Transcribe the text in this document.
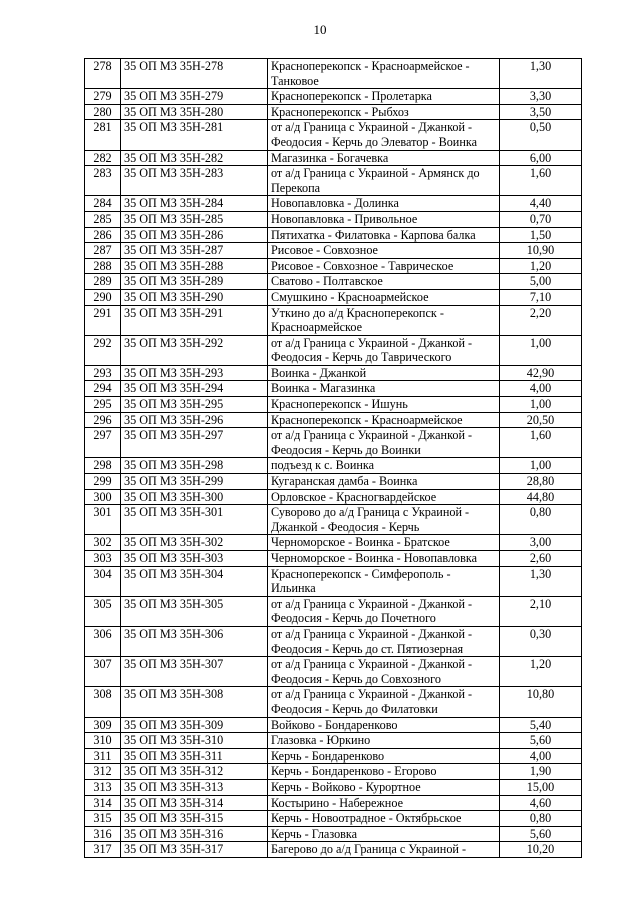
10
278	35 ОП МЗ 35Н-278	Красноперекопск - Красноармейское - Танковое	1,30
279	35 ОП МЗ 35Н-279	Красноперекопск - Пролетарка	3,30
280	35 ОП МЗ 35Н-280	Красноперекопск - Рыбхоз	3,50
281	35 ОП МЗ 35Н-281	от а/д Граница с Украиной - Джанкой - Феодосия - Керчь до Элеватор - Воинка	0,50
282	35 ОП МЗ 35Н-282	Магазинка - Богачевка	6,00
283	35 ОП МЗ 35Н-283	от а/д Граница с Украиной - Армянск до Перекопа	1,60
284	35 ОП МЗ 35Н-284	Новопавловка - Долинка	4,40
285	35 ОП МЗ 35Н-285	Новопавловка - Привольное	0,70
286	35 ОП МЗ 35Н-286	Пятихатка - Филатовка - Карпова балка	1,50
287	35 ОП МЗ 35Н-287	Рисовое - Совхозное	10,90
288	35 ОП МЗ 35Н-288	Рисовое - Совхозное - Таврическое	1,20
289	35 ОП МЗ 35Н-289	Сватово - Полтавское	5,00
290	35 ОП МЗ 35Н-290	Смушкино - Красноармейское	7,10
291	35 ОП МЗ 35Н-291	Уткино до а/д Красноперекопск - Красноармейское	2,20
292	35 ОП МЗ 35Н-292	от а/д Граница с Украиной - Джанкой - Феодосия - Керчь до Таврического	1,00
293	35 ОП МЗ 35Н-293	Воинка - Джанкой	42,90
294	35 ОП МЗ 35Н-294	Воинка - Магазинка	4,00
295	35 ОП МЗ 35Н-295	Красноперекопск - Ишунь	1,00
296	35 ОП МЗ 35Н-296	Красноперекопск - Красноармейское	20,50
297	35 ОП МЗ 35Н-297	от а/д Граница с Украиной - Джанкой - Феодосия - Керчь до Воинки	1,60
298	35 ОП МЗ 35Н-298	подъезд к с. Воинка	1,00
299	35 ОП МЗ 35Н-299	Кугаранская дамба - Воинка	28,80
300	35 ОП МЗ 35Н-300	Орловское - Красногвардейское	44,80
301	35 ОП МЗ 35Н-301	Суворово до а/д Граница с Украиной - Джанкой - Феодосия - Керчь	0,80
302	35 ОП МЗ 35Н-302	Черноморское - Воинка - Братское	3,00
303	35 ОП МЗ 35Н-303	Черноморское - Воинка - Новопавловка	2,60
304	35 ОП МЗ 35Н-304	Красноперекопск - Симферополь - Ильинка	1,30
305	35 ОП МЗ 35Н-305	от а/д Граница с Украиной - Джанкой - Феодосия - Керчь до Почетного	2,10
306	35 ОП МЗ 35Н-306	от а/д Граница с Украиной - Джанкой - Феодосия - Керчь до ст. Пятиозерная	0,30
307	35 ОП МЗ 35Н-307	от а/д Граница с Украиной - Джанкой - Феодосия - Керчь до Совхозного	1,20
308	35 ОП МЗ 35Н-308	от а/д Граница с Украиной - Джанкой - Феодосия - Керчь до Филатовки	10,80
309	35 ОП МЗ 35Н-309	Войково - Бондаренково	5,40
310	35 ОП МЗ 35Н-310	Глазовка - Юркино	5,60
311	35 ОП МЗ 35Н-311	Керчь - Бондаренково	4,00
312	35 ОП МЗ 35Н-312	Керчь - Бондаренково - Егорово	1,90
313	35 ОП МЗ 35Н-313	Керчь - Войково - Курортное	15,00
314	35 ОП МЗ 35Н-314	Костырино - Набережное	4,60
315	35 ОП МЗ 35Н-315	Керчь - Новоотрадное - Октябрьское	0,80
316	35 ОП МЗ 35Н-316	Керчь - Глазовка	5,60
317	35 ОП МЗ 35Н-317	Багерово до а/д Граница с Украиной -	10,20
